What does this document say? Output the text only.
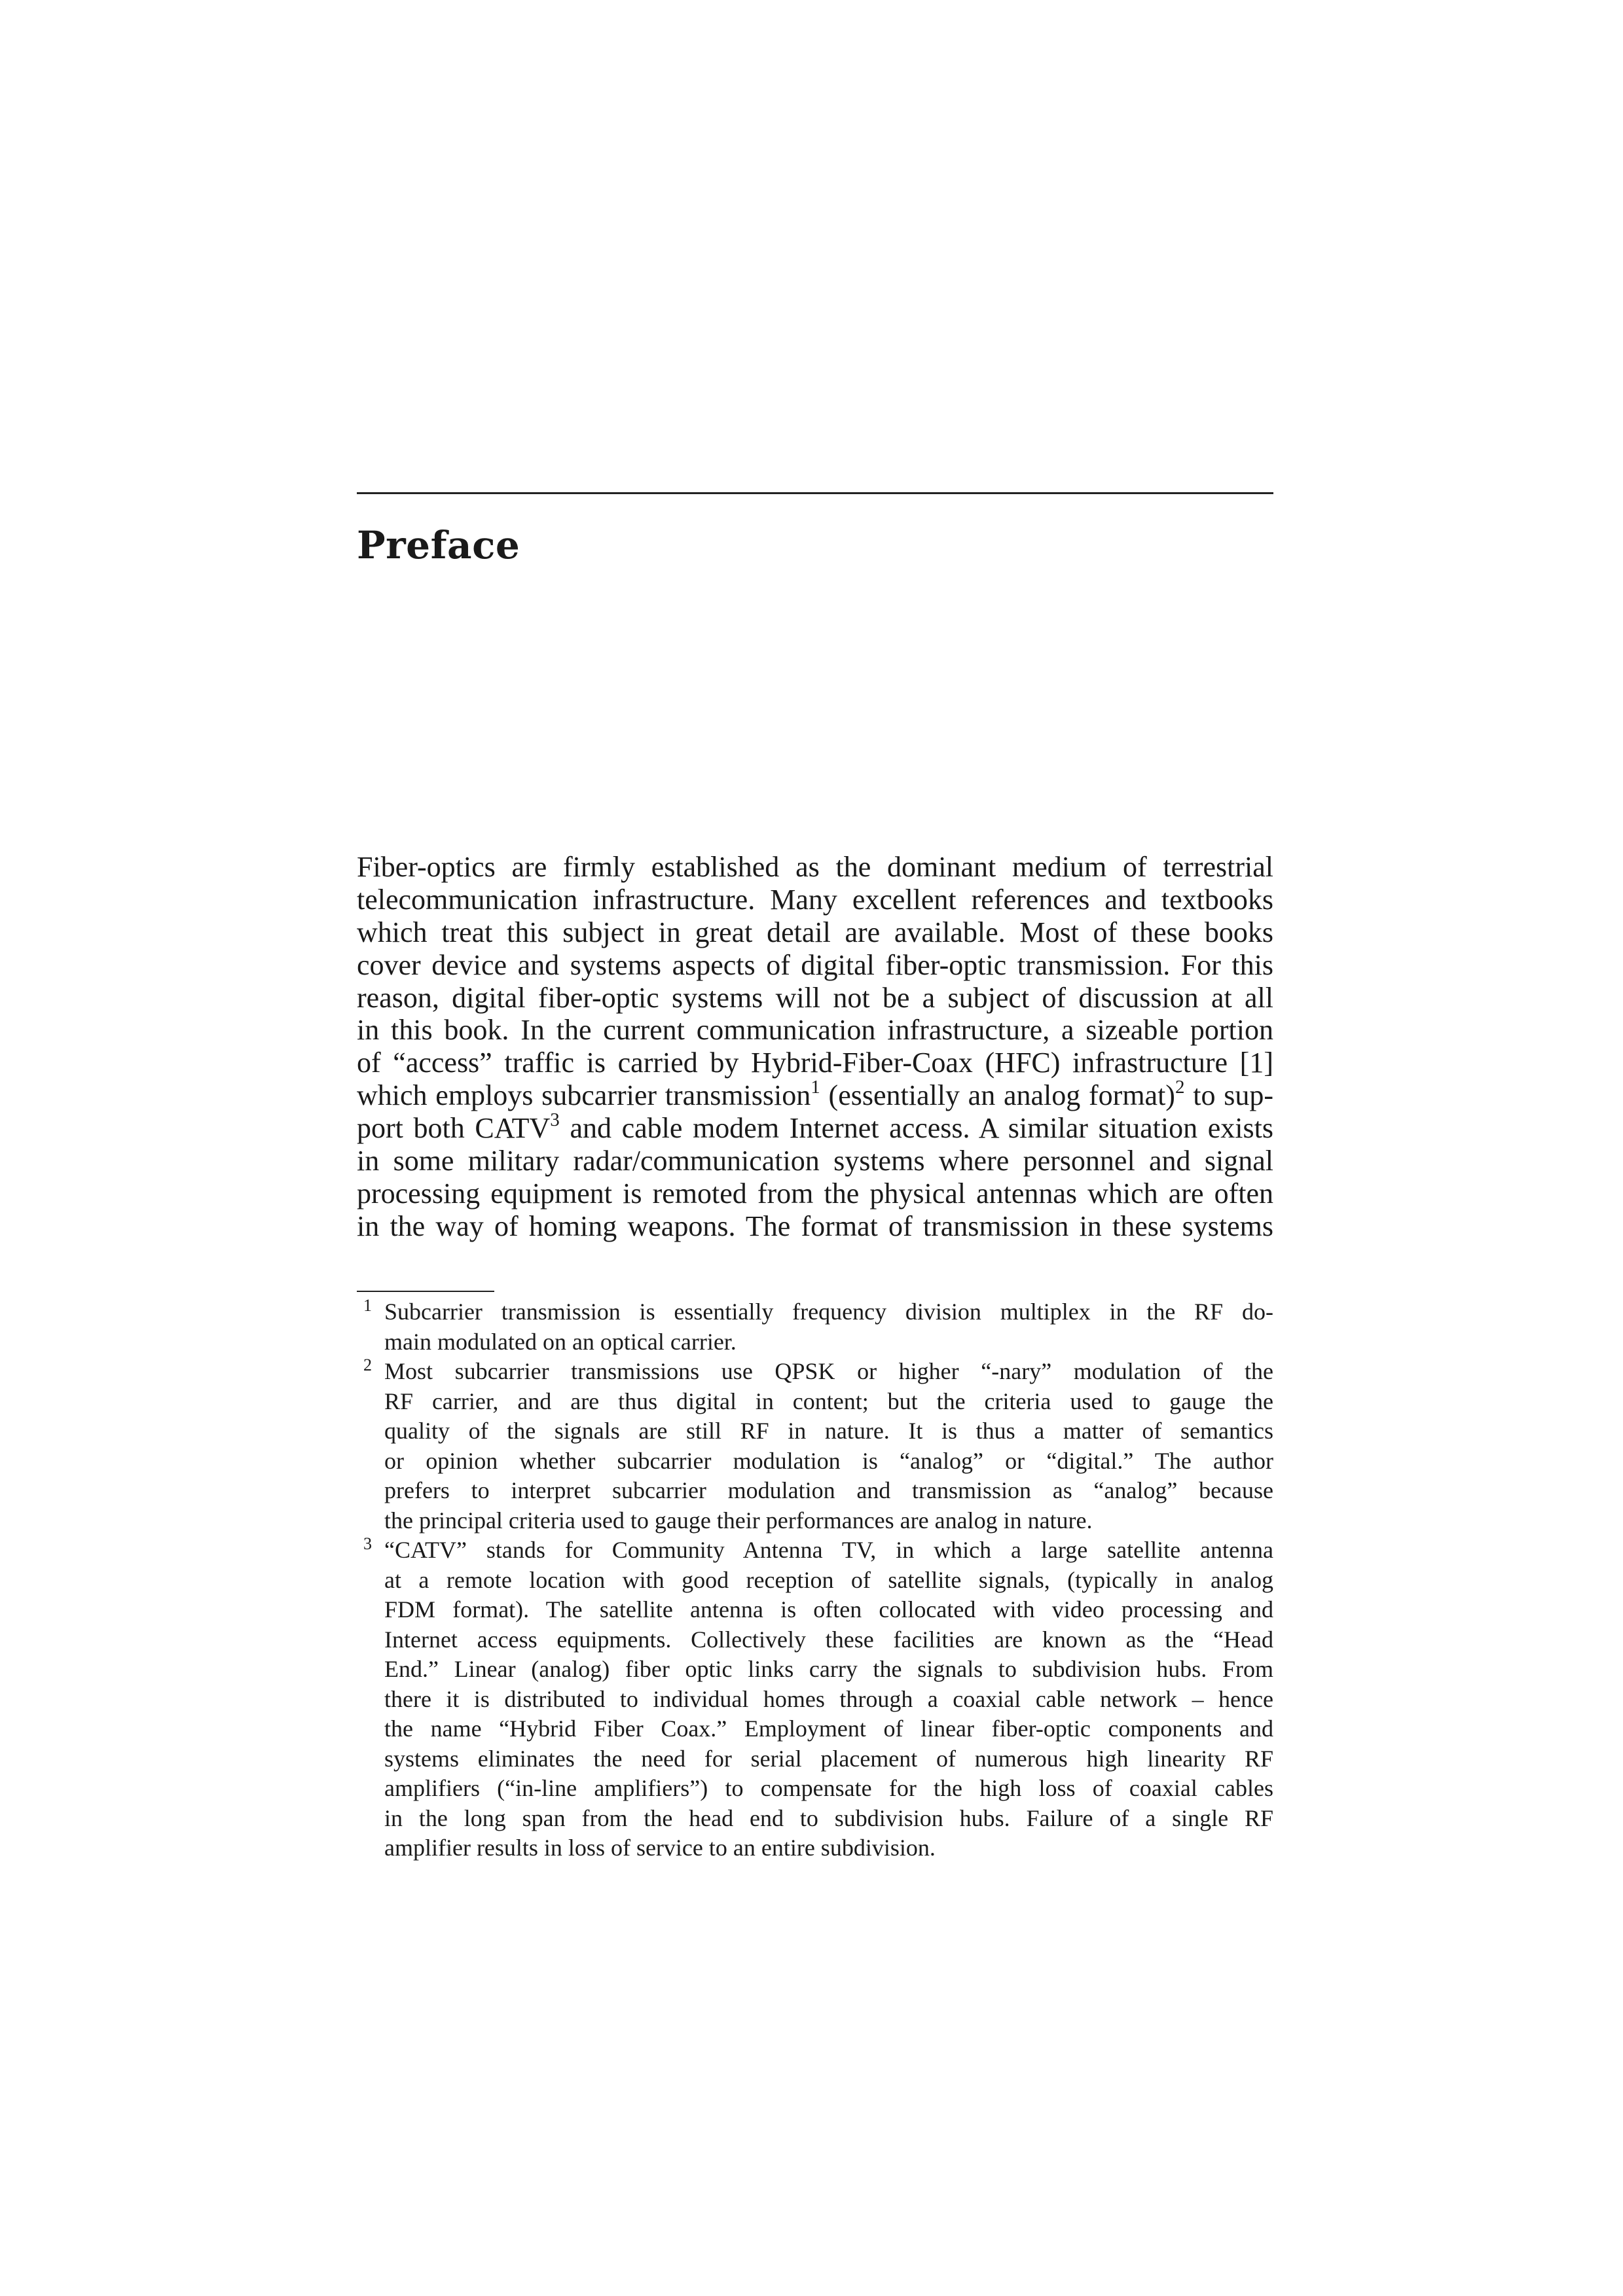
Preface
Fiber-optics are firmly established as the dominant medium of terrestrial
telecommunication infrastructure. Many excellent references and textbooks
which treat this subject in great detail are available. Most of these books
cover device and systems aspects of digital fiber-optic transmission. For this
reason, digital fiber-optic systems will not be a subject of discussion at all
in this book. In the current communication infrastructure, a sizeable portion
of “access” traffic is carried by Hybrid-Fiber-Coax (HFC) infrastructure [1]
which employs subcarrier transmission$^1$ (essentially an analog format)$^2$ to sup-
port both CATV$^3$ and cable modem Internet access. A similar situation exists
in some military radar/communication systems where personnel and signal
processing equipment is remoted from the physical antennas which are often
in the way of homing weapons. The format of transmission in these systems
1 Subcarrier transmission is essentially frequency division multiplex in the RF do-
main modulated on an optical carrier.
2 Most subcarrier transmissions use QPSK or higher “-nary” modulation of the
RF carrier, and are thus digital in content; but the criteria used to gauge the
quality of the signals are still RF in nature. It is thus a matter of semantics
or opinion whether subcarrier modulation is “analog” or “digital.” The author
prefers to interpret subcarrier modulation and transmission as “analog” because
the principal criteria used to gauge their performances are analog in nature.
3 “CATV” stands for Community Antenna TV, in which a large satellite antenna
at a remote location with good reception of satellite signals, (typically in analog
FDM format). The satellite antenna is often collocated with video processing and
Internet access equipments. Collectively these facilities are known as the “Head
End.” Linear (analog) fiber optic links carry the signals to subdivision hubs. From
there it is distributed to individual homes through a coaxial cable network – hence
the name “Hybrid Fiber Coax.” Employment of linear fiber-optic components and
systems eliminates the need for serial placement of numerous high linearity RF
amplifiers (“in-line amplifiers”) to compensate for the high loss of coaxial cables
in the long span from the head end to subdivision hubs. Failure of a single RF
amplifier results in loss of service to an entire subdivision.
